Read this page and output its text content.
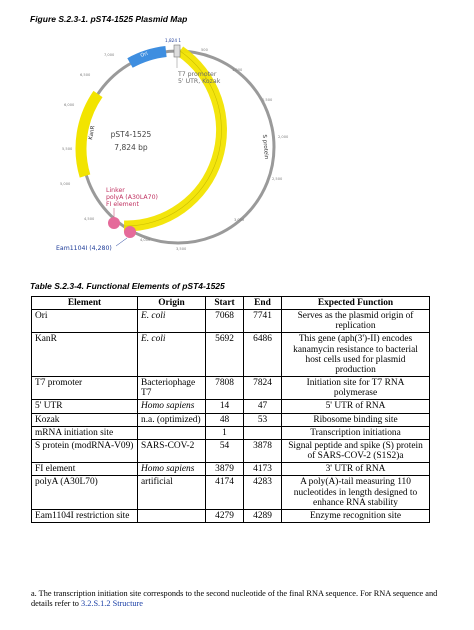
Figure S.2.3-1. pST4-1525 Plasmid Map
1,824 1
Ori
KanR
S protein
pST4-1525
7,824 bp
T7 promoter
5' UTR, Kozak
Linker
polyA (A30LA70)
FI element
Eam1104I (4,280)
7,000
500
1,000
1,500
2,000
2,500
3,000
3,500
4,000
4,500
5,000
5,500
6,000
6,500
Table S.2.3-4. Functional Elements of pST4-1525
Element	Origin	Start	End	Expected Function
Ori	E. coli	7068	7741	Serves as the plasmid origin of replication
KanR	E. coli	5692	6486	This gene (aph(3')-II) encodes kanamycin resistance to bacterial host cells used for plasmid production
T7 promoter	Bacteriophage T7	7808	7824	Initiation site for T7 RNA polymerase
5' UTR	Homo sapiens	14	47	5' UTR of RNA
Kozak	n.a. (optimized)	48	53	Ribosome binding site
mRNA initiation site		1		Transcription initiationa
S protein (modRNA-V09)	SARS-COV-2	54	3878	Signal peptide and spike (S) protein of SARS-COV-2 (S1S2)a
FI element	Homo sapiens	3879	4173	3' UTR of RNA
polyA (A30L70)	artificial	4174	4283	A poly(A)-tail measuring 110 nucleotides in length designed to enhance RNA stability
Eam1104I restriction site		4279	4289	Enzyme recognition site
a. The transcription initiation site corresponds to the second nucleotide of the final RNA sequence. For RNA sequence and details refer to 3.2.S.1.2 Structure
